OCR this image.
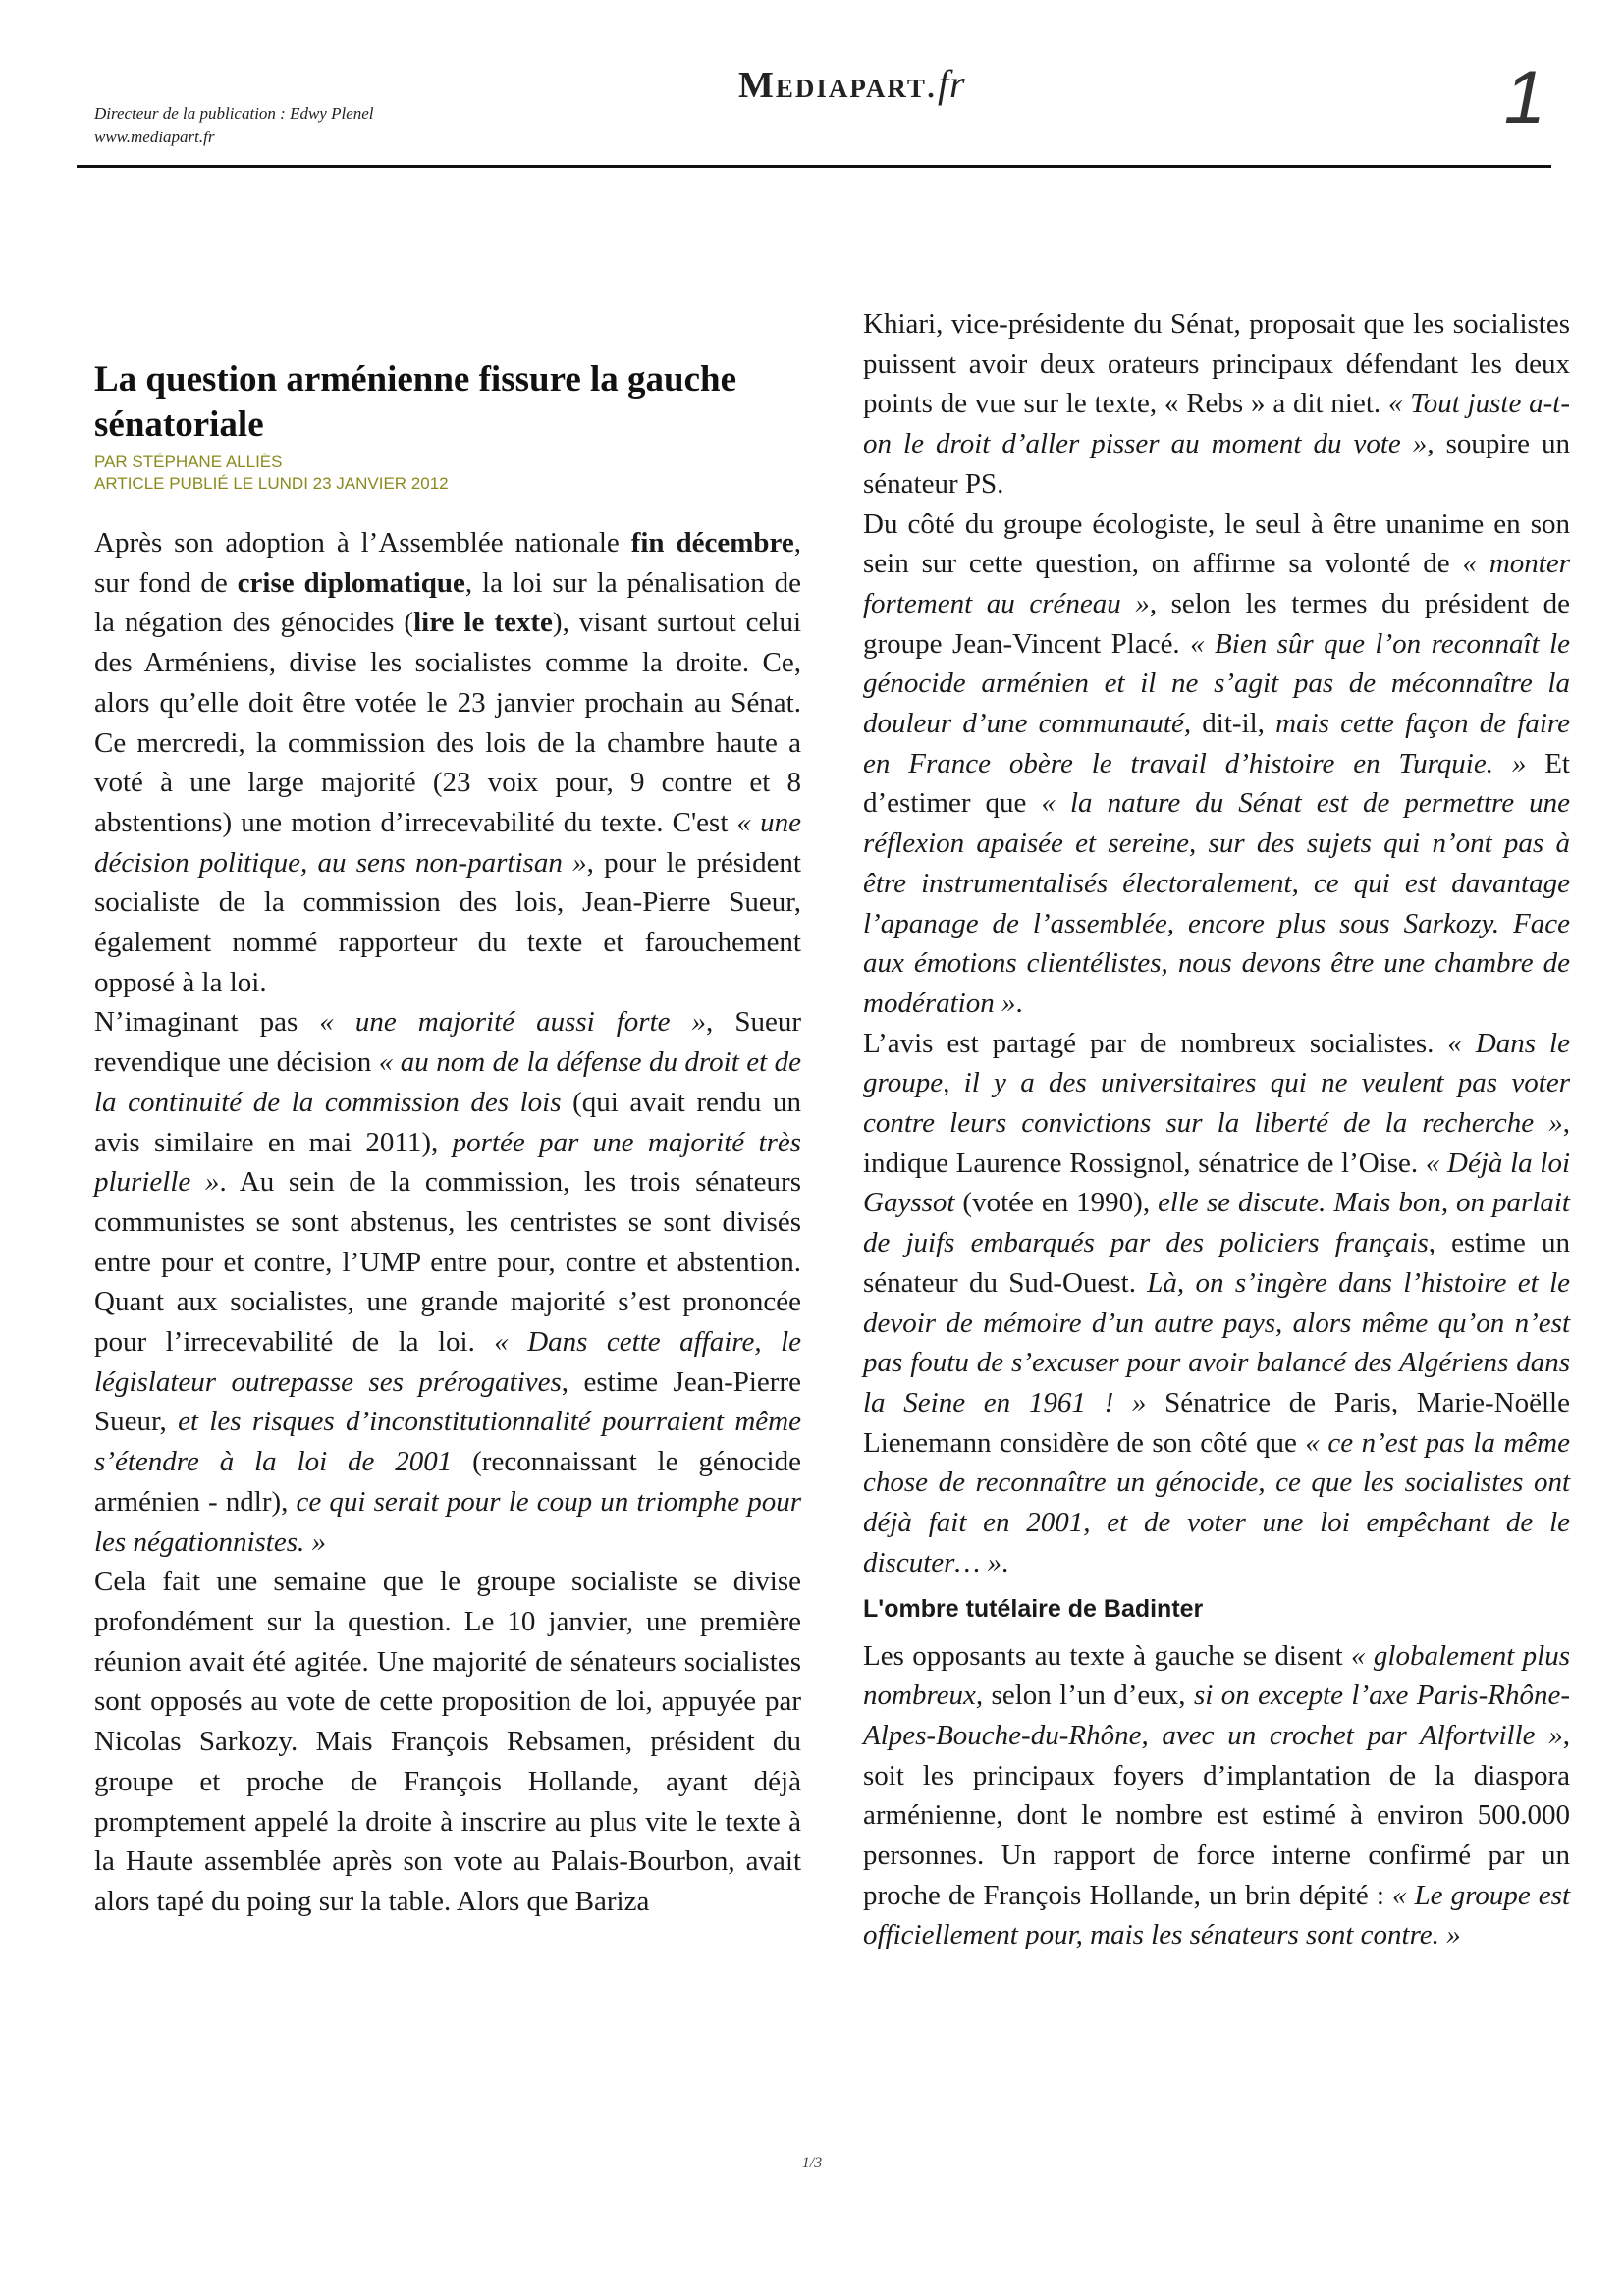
Directeur de la publication : Edwy Plenel
www.mediapart.fr
Mediapart.fr	1
La question arménienne fissure la gauche sénatoriale
PAR STÉPHANE ALLIÈS
ARTICLE PUBLIÉ LE LUNDI 23 JANVIER 2012

Après son adoption à l’Assemblée nationale fin décembre, sur fond de crise diplomatique, la loi sur la pénalisation de la négation des génocides (lire le texte), visant surtout celui des Arméniens, divise les socialistes comme la droite. Ce, alors qu’elle doit être votée le 23 janvier prochain au Sénat. Ce mercredi, la commission des lois de la chambre haute a voté à une large majorité (23 voix pour, 9 contre et 8 abstentions) une motion d’irrecevabilité du texte. C'est « une décision politique, au sens non-partisan », pour le président socialiste de la commission des lois, Jean-Pierre Sueur, également nommé rapporteur du texte et farouchement opposé à la loi.

N’imaginant pas « une majorité aussi forte », Sueur revendique une décision « au nom de la défense du droit et de la continuité de la commission des lois (qui avait rendu un avis similaire en mai 2011), portée par une majorité très plurielle ». Au sein de la commission, les trois sénateurs communistes se sont abstenus, les centristes se sont divisés entre pour et contre, l’UMP entre pour, contre et abstention. Quant aux socialistes, une grande majorité s’est prononcée pour l’irrecevabilité de la loi. « Dans cette affaire, le législateur outrepasse ses prérogatives, estime Jean-Pierre Sueur, et les risques d’inconstitutionnalité pourraient même s’étendre à la loi de 2001 (reconnaissant le génocide arménien - ndlr), ce qui serait pour le coup un triomphe pour les négationnistes. »

Cela fait une semaine que le groupe socialiste se divise profondément sur la question. Le 10 janvier, une première réunion avait été agitée. Une majorité de sénateurs socialistes sont opposés au vote de cette proposition de loi, appuyée par Nicolas Sarkozy. Mais François Rebsamen, président du groupe et proche de François Hollande, ayant déjà promptement appelé la droite à inscrire au plus vite le texte à la Haute assemblée après son vote au Palais-Bourbon, avait alors tapé du poing sur la table. Alors que Bariza

Khiari, vice-présidente du Sénat, proposait que les socialistes puissent avoir deux orateurs principaux défendant les deux points de vue sur le texte, « Rebs » a dit niet. « Tout juste a-t-on le droit d’aller pisser au moment du vote », soupire un sénateur PS.

Du côté du groupe écologiste, le seul à être unanime en son sein sur cette question, on affirme sa volonté de « monter fortement au créneau », selon les termes du président de groupe Jean-Vincent Placé. « Bien sûr que l’on reconnaît le génocide arménien et il ne s’agit pas de méconnaître la douleur d’une communauté, dit-il, mais cette façon de faire en France obère le travail d’histoire en Turquie. » Et d’estimer que « la nature du Sénat est de permettre une réflexion apaisée et sereine, sur des sujets qui n’ont pas à être instrumentalisés électoralement, ce qui est davantage l’apanage de l’assemblée, encore plus sous Sarkozy. Face aux émotions clientélistes, nous devons être une chambre de modération ».

L’avis est partagé par de nombreux socialistes. « Dans le groupe, il y a des universitaires qui ne veulent pas voter contre leurs convictions sur la liberté de la recherche », indique Laurence Rossignol, sénatrice de l’Oise. « Déjà la loi Gayssot (votée en 1990), elle se discute. Mais bon, on parlait de juifs embarqués par des policiers français, estime un sénateur du Sud-Ouest. Là, on s’ingère dans l’histoire et le devoir de mémoire d’un autre pays, alors même qu’on n’est pas foutu de s’excuser pour avoir balancé des Algériens dans la Seine en 1961 ! » Sénatrice de Paris, Marie-Noëlle Lienemann considère de son côté que « ce n’est pas la même chose de reconnaître un génocide, ce que les socialistes ont déjà fait en 2001, et de voter une loi empêchant de le discuter… ».

L'ombre tutélaire de Badinter

Les opposants au texte à gauche se disent « globalement plus nombreux, selon l’un d’eux, si on excepte l’axe Paris-Rhône-Alpes-Bouche-du-Rhône, avec un crochet par Alfortville », soit les principaux foyers d’implantation de la diaspora arménienne, dont le nombre est estimé à environ 500.000 personnes. Un rapport de force interne confirmé par un proche de François Hollande, un brin dépité : « Le groupe est officiellement pour, mais les sénateurs sont contre. »

1/3
